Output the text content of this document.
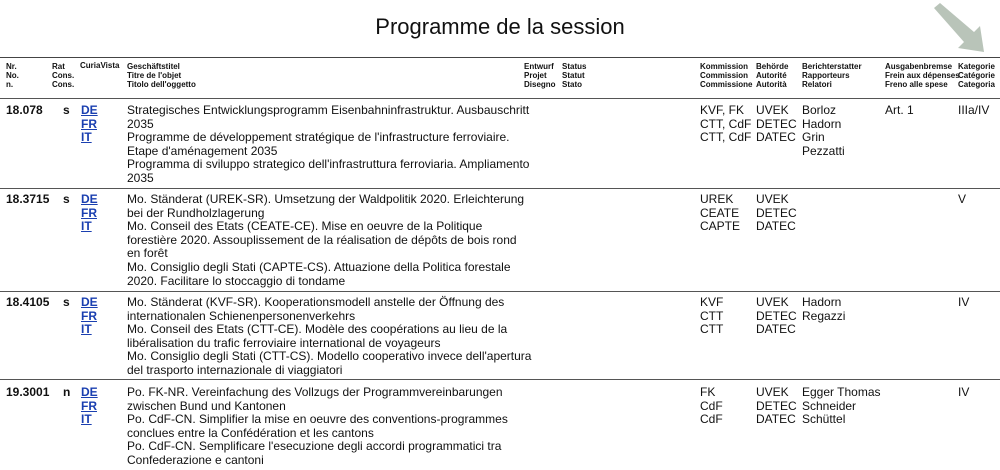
Programme de la session
Nr.
No.
n.
Rat
Cons.
Cons.
CuriaVista Geschäftstitel
Titre de l'objet
Titolo dell'oggetto
Entwurf
Projet
Disegno
Status
Statut
Stato
Kommission
Commission
Commissione
Behörde
Autorité
Autorità
Berichterstatter
Rapporteurs
Relatori
Ausgabenbremse
Frein aux dépenses
Freno alle spese
Kategorie
Catégorie
Categoria
18.078 s DE
FR
IT
Strategisches Entwicklungsprogramm Eisenbahninfrastruktur. Ausbauschritt
2035
Programme de développement stratégique de l'infrastructure ferroviaire.
Etape d'aménagement 2035
Programma di sviluppo strategico dell'infrastruttura ferroviaria. Ampliamento
2035
KVF, FK
CTT, CdF
CTT, CdF
UVEK
DETEC
DATEC
Borloz
Hadorn
Grin
Pezzatti
Art. 1	IIIa/IV
18.3715 s DE
FR
IT
Mo. Ständerat (UREK-SR). Umsetzung der Waldpolitik 2020. Erleichterung
bei der Rundholzlagerung
Mo. Conseil des Etats (CEATE-CE). Mise en oeuvre de la Politique
forestière 2020. Assouplissement de la réalisation de dépôts de bois rond
en forêt
Mo. Consiglio degli Stati (CAPTE-CS). Attuazione della Politica forestale
2020. Facilitare lo stoccaggio di tondame
UREK
CEATE
CAPTE
UVEK
DETEC
DATEC
V
18.4105 s DE
FR
IT
Mo. Ständerat (KVF-SR). Kooperationsmodell anstelle der Öffnung des
internationalen Schienenpersonenverkehrs
Mo. Conseil des Etats (CTT-CE). Modèle des coopérations au lieu de la
libéralisation du trafic ferroviaire international de voyageurs
Mo. Consiglio degli Stati (CTT-CS). Modello cooperativo invece dell'apertura
del trasporto internazionale di viaggiatori
KVF
CTT
CTT
UVEK
DETEC
DATEC
Hadorn
Regazzi
IV
19.3001 n DE
FR
IT
Po. FK-NR. Vereinfachung des Vollzugs der Programmvereinbarungen
zwischen Bund und Kantonen
Po. CdF-CN. Simplifier la mise en oeuvre des conventions-programmes
conclues entre la Confédération et les cantons
Po. CdF-CN. Semplificare l'esecuzione degli accordi programmatici tra
Confederazione e cantoni
FK
CdF
CdF
UVEK
DETEC
DATEC
Egger Thomas
Schneider
Schüttel
IV
